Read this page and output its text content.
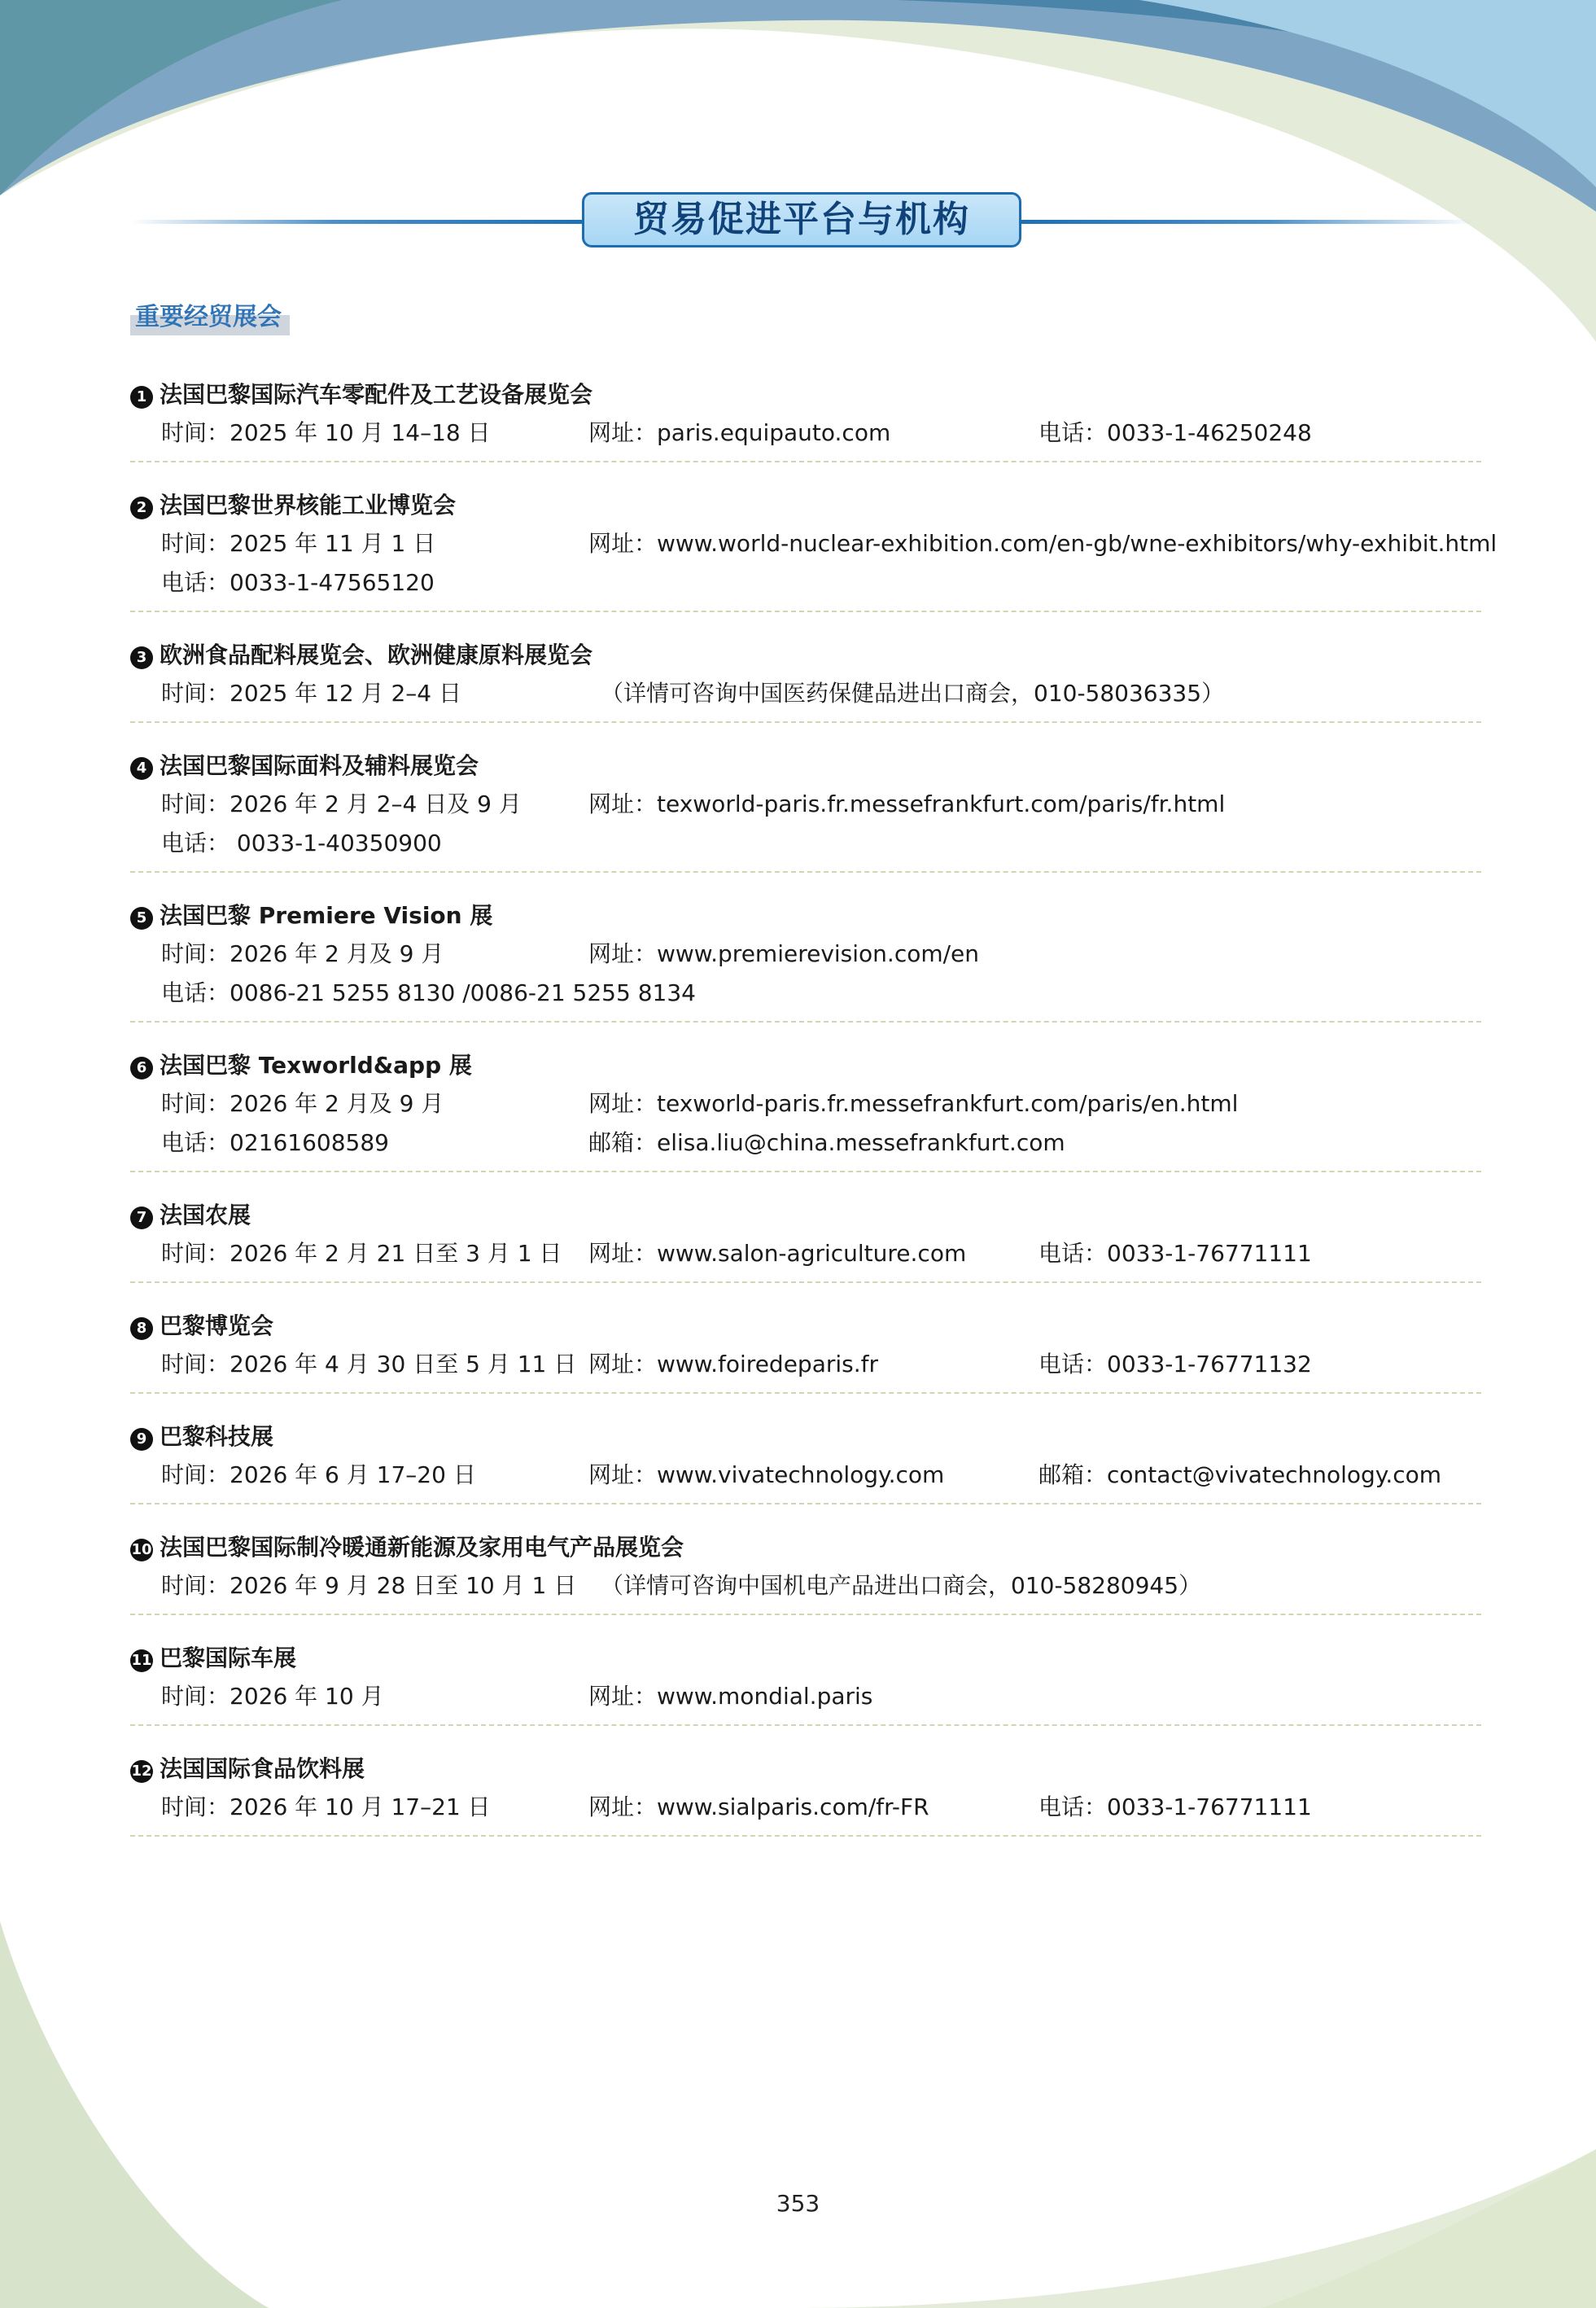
贸易促进平台与机构
重要经贸展会
1 法国巴黎国际汽车零配件及工艺设备展览会
时间：2025 年 10 月 14–18 日	网址：paris.equipauto.com	电话：0033-1-46250248
2 法国巴黎世界核能工业博览会
时间：2025 年 11 月 1 日	网址：www.world-nuclear-exhibition.com/en-gb/wne-exhibitors/why-exhibit.html
电话：0033-1-47565120
3 欧洲食品配料展览会、欧洲健康原料展览会
时间：2025 年 12 月 2–4 日	（详情可咨询中国医药保健品进出口商会，010-58036335）
4 法国巴黎国际面料及辅料展览会
时间：2026 年 2 月 2–4 日及 9 月	网址：texworld-paris.fr.messefrankfurt.com/paris/fr.html
电话： 0033-1-40350900
5 法国巴黎 Premiere Vision 展
时间：2026 年 2 月及 9 月	网址：www.premierevision.com/en
电话：0086-21 5255 8130 /0086-21 5255 8134
6 法国巴黎 Texworld&app 展
时间：2026 年 2 月及 9 月	网址：texworld-paris.fr.messefrankfurt.com/paris/en.html
电话：02161608589	邮箱：elisa.liu@china.messefrankfurt.com
7 法国农展
时间：2026 年 2 月 21 日至 3 月 1 日 网址：www.salon-agriculture.com	电话：0033-1-76771111
8 巴黎博览会
时间：2026 年 4 月 30 日至 5 月 11 日 网址：www.foiredeparis.fr	电话：0033-1-76771132
9 巴黎科技展
时间：2026 年 6 月 17–20 日	网址：www.vivatechnology.com	邮箱：contact@vivatechnology.com
10 法国巴黎国际制冷暖通新能源及家用电气产品展览会
时间：2026 年 9 月 28 日至 10 月 1 日 （详情可咨询中国机电产品进出口商会，010-58280945）
11 巴黎国际车展
时间：2026 年 10 月	网址：www.mondial.paris
12 法国国际食品饮料展
时间：2026 年 10 月 17–21 日	网址：www.sialparis.com/fr-FR	电话：0033-1-76771111
353
